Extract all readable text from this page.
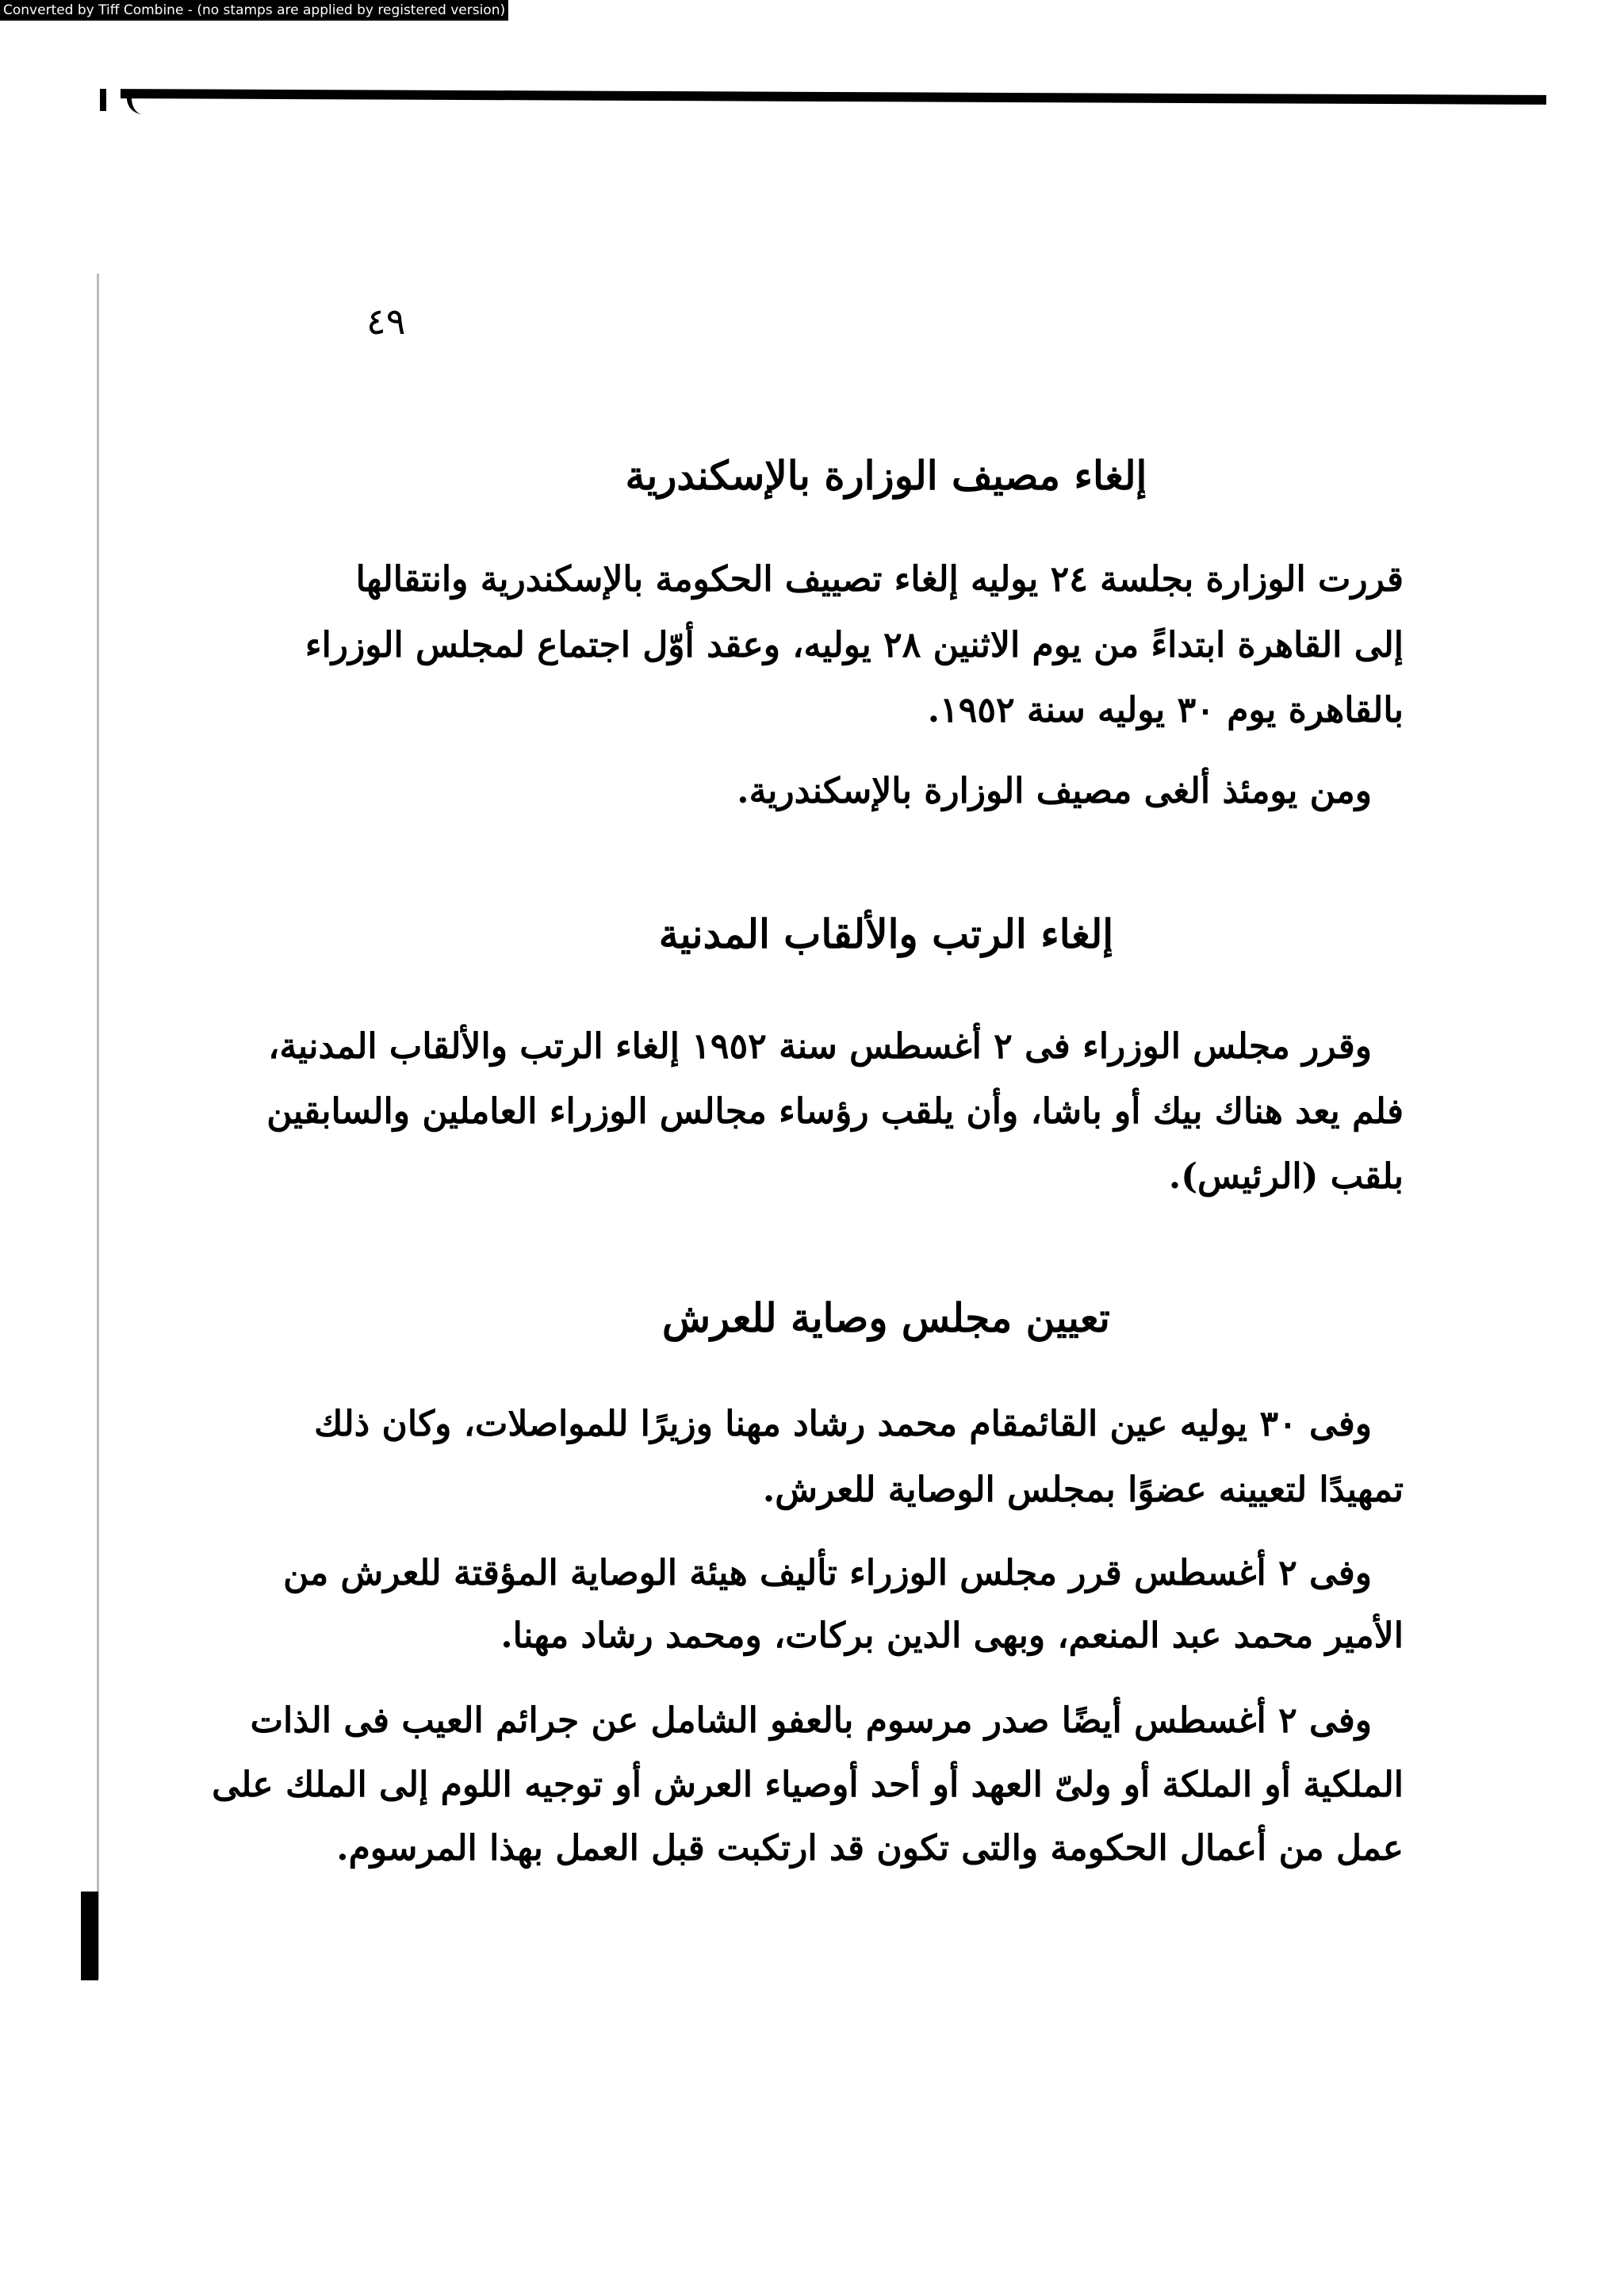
Converted by Tiff Combine - (no stamps are applied by registered version)
٤٩
إلغاء مصيف الوزارة بالإسكندرية
قررت الوزارة بجلسة ٢٤ يوليه إلغاء تصييف الحكومة بالإسكندرية وانتقالها
إلى القاهرة ابتداءً من يوم الاثنين ٢٨ يوليه، وعقد أوّل اجتماع لمجلس الوزراء
بالقاهرة يوم ٣٠ يوليه سنة ١٩٥٢.
ومن يومئذ ألغى مصيف الوزارة بالإسكندرية.
إلغاء الرتب والألقاب المدنية
وقرر مجلس الوزراء فى ٢ أغسطس سنة ١٩٥٢ إلغاء الرتب والألقاب المدنية،
فلم يعد هناك بيك أو باشا، وأن يلقب رؤساء مجالس الوزراء العاملين والسابقين
بلقب (الرئيس).
تعيين مجلس وصاية للعرش
وفى ٣٠ يوليه عين القائمقام محمد رشاد مهنا وزيرًا للمواصلات، وكان ذلك
تمهيدًا لتعيينه عضوًا بمجلس الوصاية للعرش.
وفى ٢ أغسطس قرر مجلس الوزراء تأليف هيئة الوصاية المؤقتة للعرش من
الأمير محمد عبد المنعم، وبهى الدين بركات، ومحمد رشاد مهنا.
وفى ٢ أغسطس أيضًا صدر مرسوم بالعفو الشامل عن جرائم العيب فى الذات
الملكية أو الملكة أو ولىّ العهد أو أحد أوصياء العرش أو توجيه اللوم إلى الملك على
عمل من أعمال الحكومة والتى تكون قد ارتكبت قبل العمل بهذا المرسوم.
